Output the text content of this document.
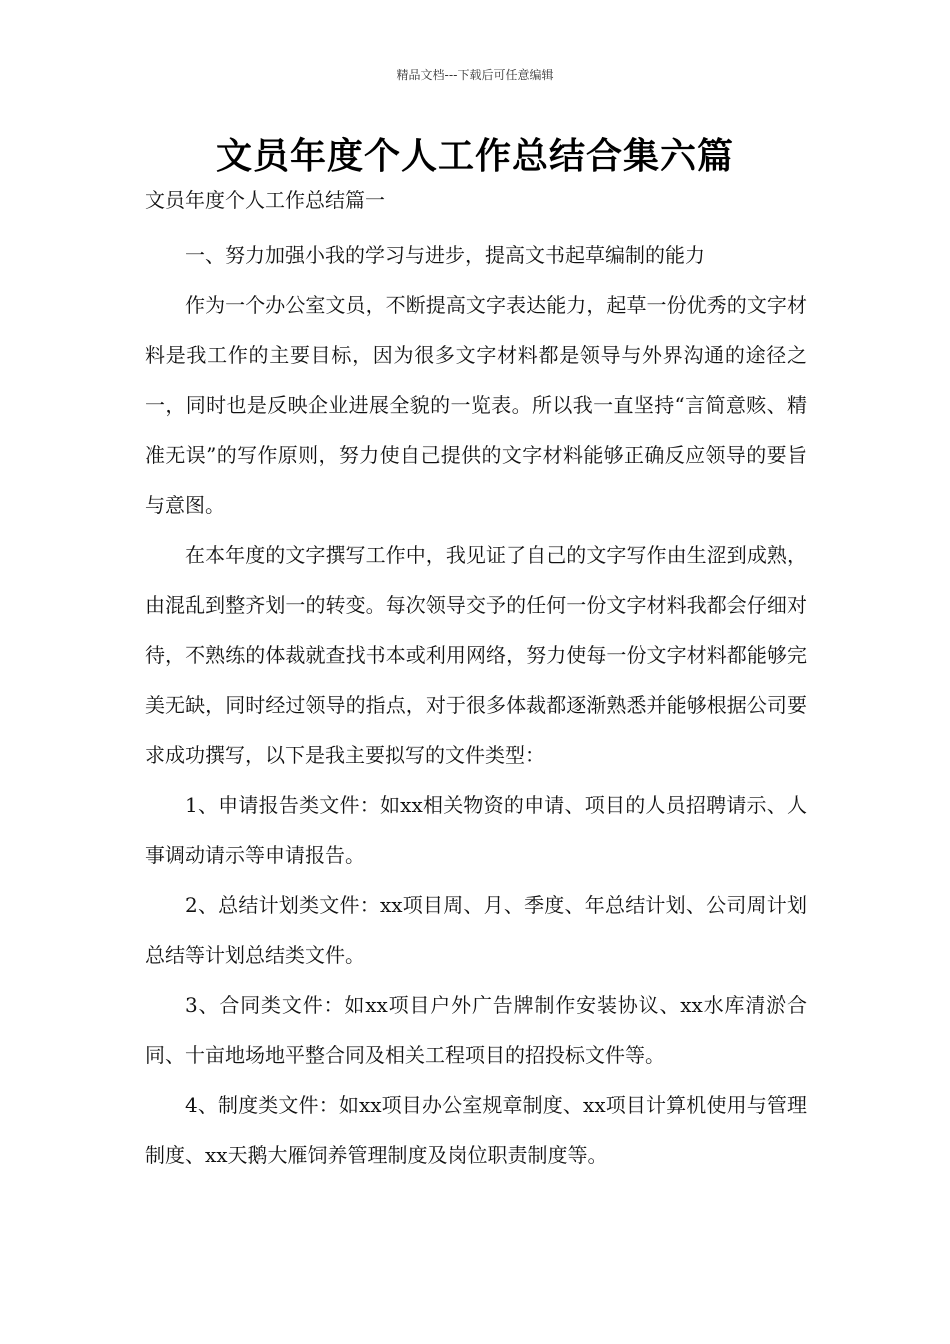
精品文档---下载后可任意编辑
文员年度个人工作总结合集六篇

文员年度个人工作总结篇一

一、努力加强小我的学习与进步，提高文书起草编制的能力

作为一个办公室文员，不断提高文字表达能力，起草一份优秀的文字材料是我工作的主要目标，因为很多文字材料都是领导与外界沟通的途径之一，同时也是反映企业进展全貌的一览表。所以我一直坚持“言简意赅、精准无误”的写作原则，努力使自己提供的文字材料能够正确反应领导的要旨与意图。

在本年度的文字撰写工作中，我见证了自己的文字写作由生涩到成熟，由混乱到整齐划一的转变。每次领导交予的任何一份文字材料我都会仔细对待，不熟练的体裁就查找书本或利用网络，努力使每一份文字材料都能够完美无缺，同时经过领导的指点，对于很多体裁都逐渐熟悉并能够根据公司要求成功撰写，以下是我主要拟写的文件类型：

1、申请报告类文件：如xx相关物资的申请、项目的人员招聘请示、人事调动请示等申请报告。

2、总结计划类文件：xx项目周、月、季度、年总结计划、公司周计划总结等计划总结类文件。

3、合同类文件：如xx项目户外广告牌制作安装协议、xx水库清淤合同、十亩地场地平整合同及相关工程项目的招投标文件等。

4、制度类文件：如xx项目办公室规章制度、xx项目计算机使用与管理制度、xx天鹅大雁饲养管理制度及岗位职责制度等。
